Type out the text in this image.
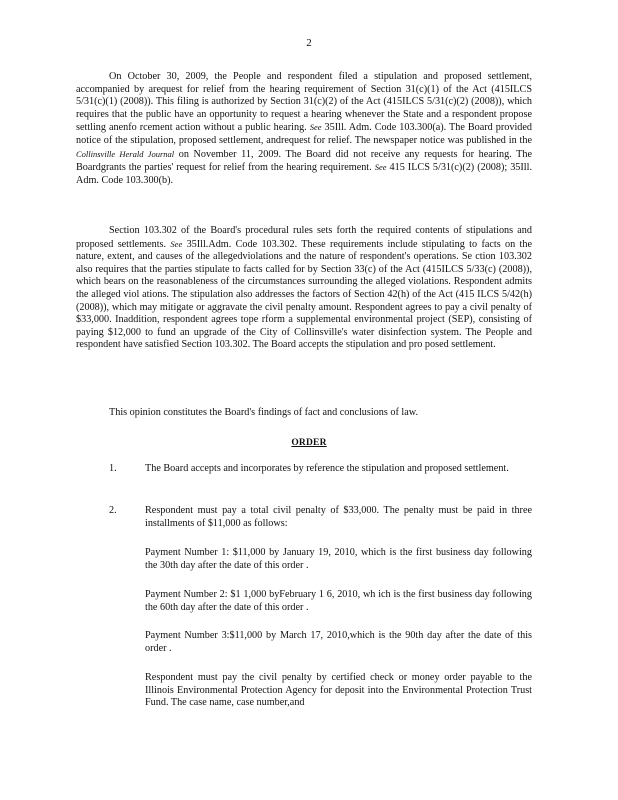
2

On October 30, 2009, the People and respondent filed a stipulation and proposed settlement, accompanied by arequest for relief from the hearing requirement of Section 31(c)(1) of the Act (415ILCS 5/31(c)(1) (2008)). This filing is authorized by Section 31(c)(2) of the Act (415ILCS 5/31(c)(2) (2008)), which requires that the public have an opportunity to request a hearing whenever the State and a respondent propose settling anenfo rcement action without a public hearing. See 35Ill. Adm. Code 103.300(a). The Board provided notice of the stipulation, proposed settlement, andrequest for relief. The newspaper notice was published in the Collinsville Herald Journal on November 11, 2009. The Board did not receive any requests for hearing. The Boardgrants the parties' request for relief from the hearing requirement. See 415 ILCS 5/31(c)(2) (2008); 35Ill. Adm. Code 103.300(b).

Section 103.302 of the Board's procedural rules sets forth the required contents of stipulations and proposed settlements. See 35Ill.Adm. Code 103.302. These requirements include stipulating to facts on the nature, extent, and causes of the allegedviolations and the nature of respondent's operations. Se ction 103.302 also requires that the parties stipulate to facts called for by Section 33(c) of the Act (415ILCS 5/33(c) (2008)), which bears on the reasonableness of the circumstances surrounding the alleged violations. Respondent admits the alleged viol ations. The stipulation also addresses the factors of Section 42(h) of the Act (415 ILCS 5/42(h) (2008)), which may mitigate or aggravate the civil penalty amount. Respondent agrees to pay a civil penalty of $33,000. Inaddition, respondent agrees tope rform a supplemental environmental project (SEP), consisting of paying $12,000 to fund an upgrade of the City of Collinsville's water disinfection system. The People and respondent have satisfied Section 103.302. The Board accepts the stipulation and pro posed settlement.

This opinion constitutes the Board's findings of fact and conclusions of law.

ORDER
1.	The Board accepts and incorporates by reference the stipulation and proposed settlement.

2.	Respondent must pay a total civil penalty of $33,000. The penalty must be paid in three installments of $11,000 as follows:

Payment Number 1: $11,000 by January 19, 2010, which is the first business day following the 30th day after the date of this order .

Payment Number 2: $1 1,000 byFebruary 1 6, 2010, wh ich is the first business day following the 60th day after the date of this order .

Payment Number 3:$11,000 by March 17, 2010,which is the 90th day after the date of this order .

Respondent must pay the civil penalty by certified check or money order payable to the Illinois Environmental Protection Agency for deposit into the Environmental Protection Trust Fund. The case name, case number,and
